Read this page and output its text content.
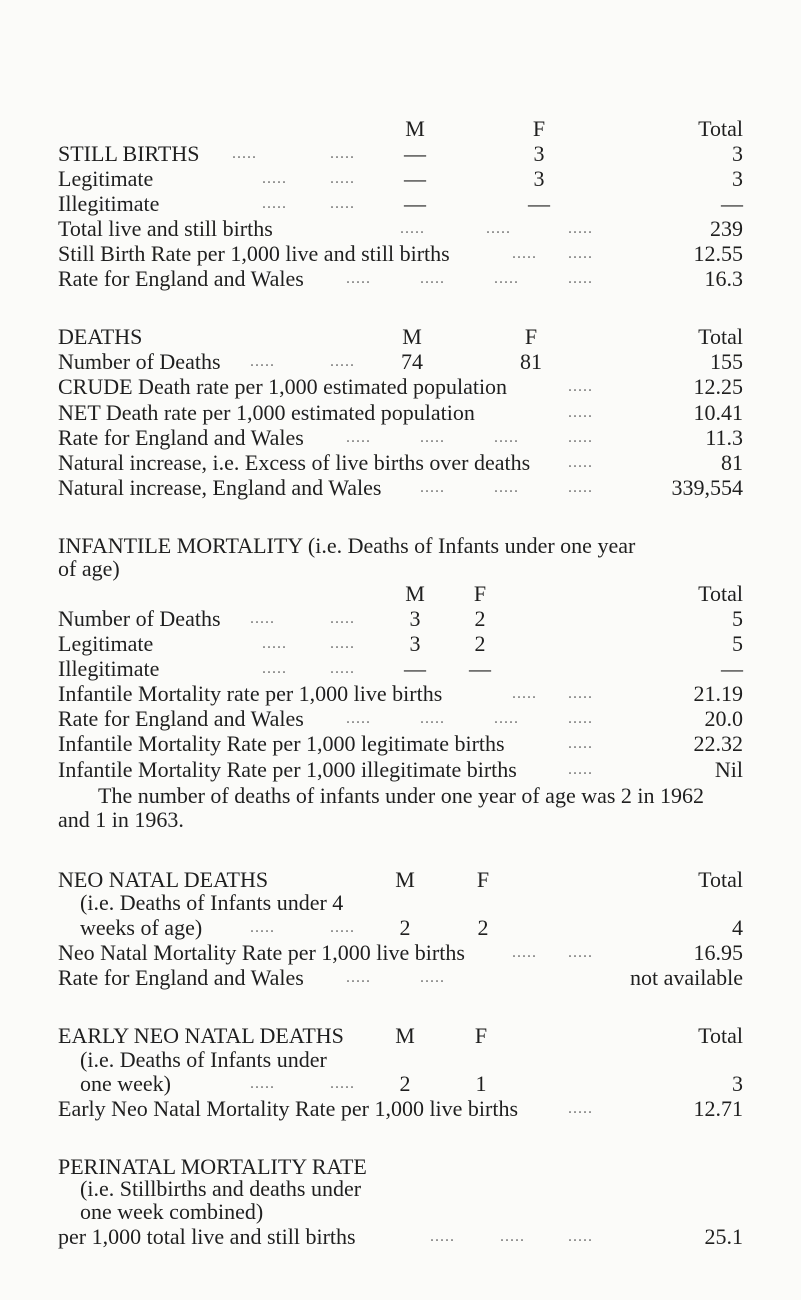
M	F	Total
STILL BIRTHS .....	..... —	3	3
Legitimate	.....	..... —	3	3
Illegitimate	.....	..... —	—	—
Total live and still births	.....	.....	.....	239
Still Birth Rate per 1,000 live and still births	..... .....	12.55
Rate for England and Wales	.....	.....	.....	.....	16.3
DEATHS	M	F	Total
Number of Deaths .....	..... 74	81	155
CRUDE Death rate per 1,000 estimated population	.....	12.25
NET Death rate per 1,000 estimated population	.....	10.41
Rate for England and Wales	.....	.....	.....	.....	11.3
Natural increase, i.e. Excess of live births over deaths .....	81
Natural increase, England and Wales .....	.....	.....	339,554
INFANTILE MORTALITY (i.e. Deaths of Infants under one year
of age)
M	F	Total
Number of Deaths .....	.....	3	2	5
Legitimate	.....	.....	3	2	5
Illegitimate	.....	..... — —	—
Infantile Mortality rate per 1,000 live births	..... .....	21.19
Rate for England and Wales	.....	.....	.....	.....	20.0
Infantile Mortality Rate per 1,000 legitimate births	.....	22.32
Infantile Mortality Rate per 1,000 illegitimate births	.....	Nil
The number of deaths of infants under one year of age was 2 in 1962 and 1 in 1963.
NEO NATAL DEATHS	M	F	Total
(i.e. Deaths of Infants under 4
weeks of age)	.....	.....	2	2	4
Neo Natal Mortality Rate per 1,000 live births	..... .....	16.95
Rate for England and Wales	.....	.....	not available
EARLY NEO NATAL DEATHS M	F	Total
(i.e. Deaths of Infants under
one week)	.....	.....	2	1	3
Early Neo Natal Mortality Rate per 1,000 live births	.....	12.71
PERINATAL MORTALITY RATE
(i.e. Stillbirths and deaths under
one week combined)
per 1,000 total live and still births	.....	.....	.....	25.1
